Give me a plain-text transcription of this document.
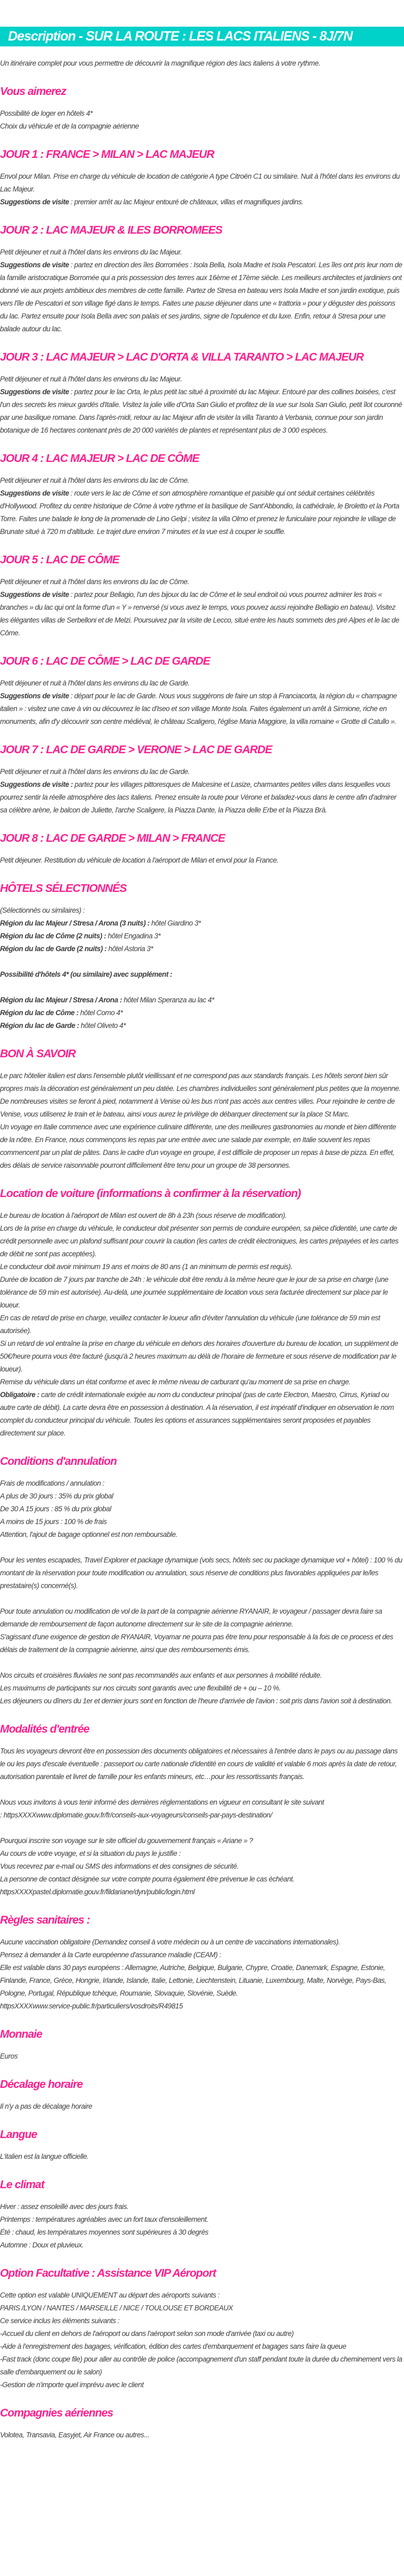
Description - SUR LA ROUTE : LES LACS ITALIENS - 8J/7N

Un itinéraire complet pour vous permettre de découvrir la magnifique région des lacs italiens à votre rythme.

Vous aimerez

Possibilité de loger en hôtels 4*
Choix du véhicule et de la compagnie aérienne

JOUR 1 : FRANCE > MILAN > LAC MAJEUR

Envol pour Milan. Prise en charge du véhicule de location de catégorie A type Citroën C1 ou similaire. Nuit à l'hôtel dans les environs du Lac Majeur.
Suggestions de visite : premier arrêt au lac Majeur entouré de châteaux, villas et magnifiques jardins.

JOUR 2 : LAC MAJEUR & ILES BORROMEES

Petit déjeuner et nuit à l'hôtel dans les environs du lac Majeur.
Suggestions de visite : partez en direction des îles Borromées : Isola Bella, Isola Madre et Isola Pescatori. Les îles ont pris leur nom de la famille aristocratique Borromée qui a pris possession des terres aux 16ème et 17ème siècle. Les meilleurs architectes et jardiniers ont donné vie aux projets ambitieux des membres de cette famille. Partez de Stresa en bateau vers Isola Madre et son jardin exotique, puis vers l'île de Pescatori et son village figé dans le temps. Faites une pause déjeuner dans une « trattoria » pour y déguster des poissons du lac. Partez ensuite pour Isola Bella avec son palais et ses jardins, signe de l'opulence et du luxe. Enfin, retour à Stresa pour une balade autour du lac.

JOUR 3 : LAC MAJEUR > LAC D'ORTA & VILLA TARANTO > LAC MAJEUR

Petit déjeuner et nuit à l'hôtel dans les environs du lac Majeur.
Suggestions de visite : partez pour le lac Orta, le plus petit lac situé à proximité du lac Majeur. Entouré par des collines boisées, c'est l'un des secrets les mieux gardés d'Italie. Visitez la jolie ville d'Orta San Giulio et profitez de la vue sur Isola San Giulio, petit îlot couronné par une basilique romane. Dans l'après-midi, retour au lac Majeur afin de visiter la villa Taranto à Verbania, connue pour son jardin botanique de 16 hectares contenant près de 20 000 variétés de plantes et représentant plus de 3 000 espèces.

JOUR 4 : LAC MAJEUR > LAC DE CÔME

Petit déjeuner et nuit à l'hôtel dans les environs du lac de Côme.
Suggestions de visite : route vers le lac de Côme et son atmosphère romantique et paisible qui ont séduit certaines célébrités d'Hollywood. Profitez du centre historique de Côme à votre rythme et la basilique de Sant'Abbondio, la cathédrale, le Broletto et la Porta Torre. Faites une balade le long de la promenade de Lino Gelpi ; visitez la villa Olmo et prenez le funiculaire pour rejoindre le village de Brunate situé à 720 m d'altitude. Le trajet dure environ 7 minutes et la vue est à couper le souffle.

JOUR 5 : LAC DE CÔME

Petit déjeuner et nuit à l'hôtel dans les environs du lac de Côme.
Suggestions de visite : partez pour Bellagio, l'un des bijoux du lac de Côme et le seul endroit où vous pourrez admirer les trois « branches » du lac qui ont la forme d'un « Y » renversé (si vous avez le temps, vous pouvez aussi rejoindre Bellagio en bateau). Visitez les élégantes villas de Serbelloni et de Melzi. Poursuivez par la visite de Lecco, situé entre les hauts sommets des pré Alpes et le lac de Côme.

JOUR 6 : LAC DE CÔME > LAC DE GARDE

Petit déjeuner et nuit à l'hôtel dans les environs du lac de Garde.
Suggestions de visite : départ pour le lac de Garde. Nous vous suggérons de faire un stop à Franciacorta, la région du « champagne italien » : visitez une cave à vin ou découvrez le lac d'Iseo et son village Monte Isola. Faites également un arrêt à Sirmione, riche en monuments, afin d'y découvrir son centre médiéval, le château Scaligero, l'église Maria Maggiore, la villa romaine « Grotte di Catullo ».

JOUR 7 : LAC DE GARDE > VERONE > LAC DE GARDE

Petit déjeuner et nuit à l'hôtel dans les environs du lac de Garde.
Suggestions de visite : partez pour les villages pittoresques de Malcesine et Lasize, charmantes petites villes dans lesquelles vous pourrez sentir la réelle atmosphère des lacs italiens. Prenez ensuite la route pour Vérone et baladez-vous dans le centre afin d'admirer sa célèbre arène, le balcon de Juliette, l'arche Scaligere, la Piazza Dante, la Piazza delle Erbe et la Piazza Brà.

JOUR 8 : LAC DE GARDE > MILAN > FRANCE

Petit déjeuner. Restitution du véhicule de location à l'aéroport de Milan et envol pour la France.

HÔTELS SÉLECTIONNÉS

(Sélectionnés ou similaires) :
Région du lac Majeur / Stresa / Arona (3 nuits) : hôtel Giardino 3*
Région du lac de Côme (2 nuits) : hôtel Engadina 3*
Région du lac de Garde (2 nuits) : hôtel Astoria 3*

Possibilité d'hôtels 4* (ou similaire) avec supplément :

Région du lac Majeur / Stresa / Arona : hôtel Milan Speranza au lac 4*
Région du lac de Côme : hôtel Como 4*
Région du lac de Garde : hôtel Oliveto 4*

BON À SAVOIR

Le parc hôtelier italien est dans l'ensemble plutôt vieillissant et ne correspond pas aux standards français. Les hôtels seront bien sûr propres mais la décoration est généralement un peu datée. Les chambres individuelles sont généralement plus petites que la moyenne.
De nombreuses visites se feront à pied, notamment à Venise où les bus n'ont pas accès aux centres villes. Pour rejoindre le centre de Venise, vous utiliserez le train et le bateau, ainsi vous aurez le privilège de débarquer directement sur la place St Marc.
Un voyage en Italie commence avec une expérience culinaire différente, une des meilleures gastronomies au monde et bien différente de la nôtre. En France, nous commençons les repas par une entrée avec une salade par exemple, en Italie souvent les repas commencent par un plat de pâtes. Dans le cadre d'un voyage en groupe, il est difficile de proposer un repas à base de pizza. En effet, des délais de service raisonnable pourront difficilement être tenu pour un groupe de 38 personnes.

Location de voiture (informations à confirmer à la réservation)

Le bureau de location à l'aéroport de Milan est ouvert de 8h à 23h (sous réserve de modification).
Lors de la prise en charge du véhicule, le conducteur doit présenter son permis de conduire européen, sa pièce d'identité, une carte de crédit personnelle avec un plafond suffisant pour couvrir la caution (les cartes de crédit électroniques, les cartes prépayées et les cartes de débit ne sont pas acceptées).
Le conducteur doit avoir minimum 19 ans et moins de 80 ans (1 an minimum de permis est requis).
Durée de location de 7 jours par tranche de 24h : le véhicule doit être rendu à la même heure que le jour de sa prise en charge (une tolérance de 59 min est autorisée). Au-delà, une journée supplémentaire de location vous sera facturée directement sur place par le loueur.
En cas de retard de prise en charge, veuillez contacter le loueur afin d'éviter l'annulation du véhicule (une tolérance de 59 min est autorisée).
Si un retard de vol entraîne la prise en charge du véhicule en dehors des horaires d'ouverture du bureau de location, un supplément de 50€/heure pourra vous être facturé (jusqu'à 2 heures maximum au délà de l'horaire de fermeture et sous réserve de modification par le loueur).
Remise du véhicule dans un état conforme et avec le même niveau de carburant qu'au moment de sa prise en charge.
Obligatoire : carte de crédit internationale exigée au nom du conducteur principal (pas de carte Electron, Maestro, Cirrus, Kyriad ou autre carte de débit). La carte devra être en possession à destination. A la réservation, il est impératif d'indiquer en observation le nom complet du conducteur principal du véhicule. Toutes les options et assurances supplémentaires seront proposées et payables directement sur place.

Conditions d'annulation

Frais de modifications / annulation :
A plus de 30 jours : 35% du prix global
De 30 A 15 jours : 85 % du prix global
A moins de 15 jours : 100 % de frais
Attention, l'ajout de bagage optionnel est non remboursable.

Pour les ventes escapades, Travel Explorer et package dynamique (vols secs, hôtels sec ou package dynamique vol + hôtel) : 100 % du montant de la réservation pour toute modification ou annulation, sous réserve de conditions plus favorables appliquées par le/les prestataire(s) concerné(s).

Pour toute annulation ou modification de vol de la part de la compagnie aérienne RYANAIR, le voyageur / passager devra faire sa demande de remboursement de façon autonome directement sur le site de la compagnie aérienne.
S'agissant d'une exigence de gestion de RYANAIR, Voyamar ne pourra pas être tenu pour responsable à la fois de ce process et des délais de traitement de la compagnie aérienne, ainsi que des remboursements émis.

Nos circuits et croisières fluviales ne sont pas recommandés aux enfants et aux personnes à mobilité réduite.
Les maximums de participants sur nos circuits sont garantis avec une flexibilité de + ou – 10 %.
Les déjeuners ou dîners du 1er et dernier jours sont en fonction de l'heure d'arrivée de l'avion : soit pris dans l'avion soit à destination.

Modalités d'entrée

Tous les voyageurs devront être en possession des documents obligatoires et nécessaires à l'entrée dans le pays ou au passage dans le ou les pays d'escale éventuelle : passeport ou carte nationale d'identité en cours de validité et valable 6 mois après la date de retour, autorisation parentale et livret de famille pour les enfants mineurs, etc…pour les ressortissants français.

Nous vous invitons à vous tenir informé des dernières réglementations en vigueur en consultant le site suivant
: httpsXXXXwww.diplomatie.gouv.fr/fr/conseils-aux-voyageurs/conseils-par-pays-destination/

Pourquoi inscrire son voyage sur le site officiel du gouvernement français « Ariane » ?
Au cours de votre voyage, et si la situation du pays le justifie :
Vous recevrez par e-mail ou SMS des informations et des consignes de sécurité.
La personne de contact désignée sur votre compte pourra également être prévenue le cas échéant.
httpsXXXXpastel.diplomatie.gouv.fr/fildariane/dyn/public/login.html

Règles sanitaires :

Aucune vaccination obligatoire (Demandez conseil à votre médecin ou à un centre de vaccinations internationales).
Pensez à demander à la Carte européenne d'assurance maladie (CEAM) :
Elle est valable dans 30 pays européens : Allemagne, Autriche, Belgique, Bulgarie, Chypre, Croatie, Danemark, Espagne, Estonie, Finlande, France, Grèce, Hongrie, Irlande, Islande, Italie, Lettonie, Liechtenstein, Lituanie, Luxembourg, Malte, Norvège, Pays-Bas, Pologne, Portugal, République tchèque, Roumanie, Slovaquie, Slovénie, Suède.
httpsXXXXwww.service-public.fr/particuliers/vosdroits/R49815

Monnaie

Euros

Décalage horaire

Il n'y a pas de décalage horaire

Langue

L'italien est la langue officielle.

Le climat

Hiver : assez ensoleillé avec des jours frais.
Printemps : températures agréables avec un fort taux d'ensoleillement.
Été : chaud, les températures moyennes sont supérieures à 30 degrés
Automne : Doux et pluvieux.

Option Facultative : Assistance VIP Aéroport

Cette option est valable UNIQUEMENT au départ des aéroports suivants :
PARIS /LYON / NANTES / MARSEILLE / NICE / TOULOUSE ET BORDEAUX
Ce service inclus les éléments suivants :
-Accueil du client en dehors de l'aéroport ou dans l'aéroport selon son mode d'arrivée (taxi ou autre)
-Aide à l'enregistrement des bagages, vérification, édition des cartes d'embarquement et bagages sans faire la queue
-Fast track (donc coupe file) pour aller au contrôle de police (accompagnement d'un staff pendant toute la durée du cheminement vers la salle d'embarquement ou le salon)
-Gestion de n'importe quel imprévu avec le client

Compagnies aériennes

Volotea, Transavia, Easyjet, Air France ou autres...
